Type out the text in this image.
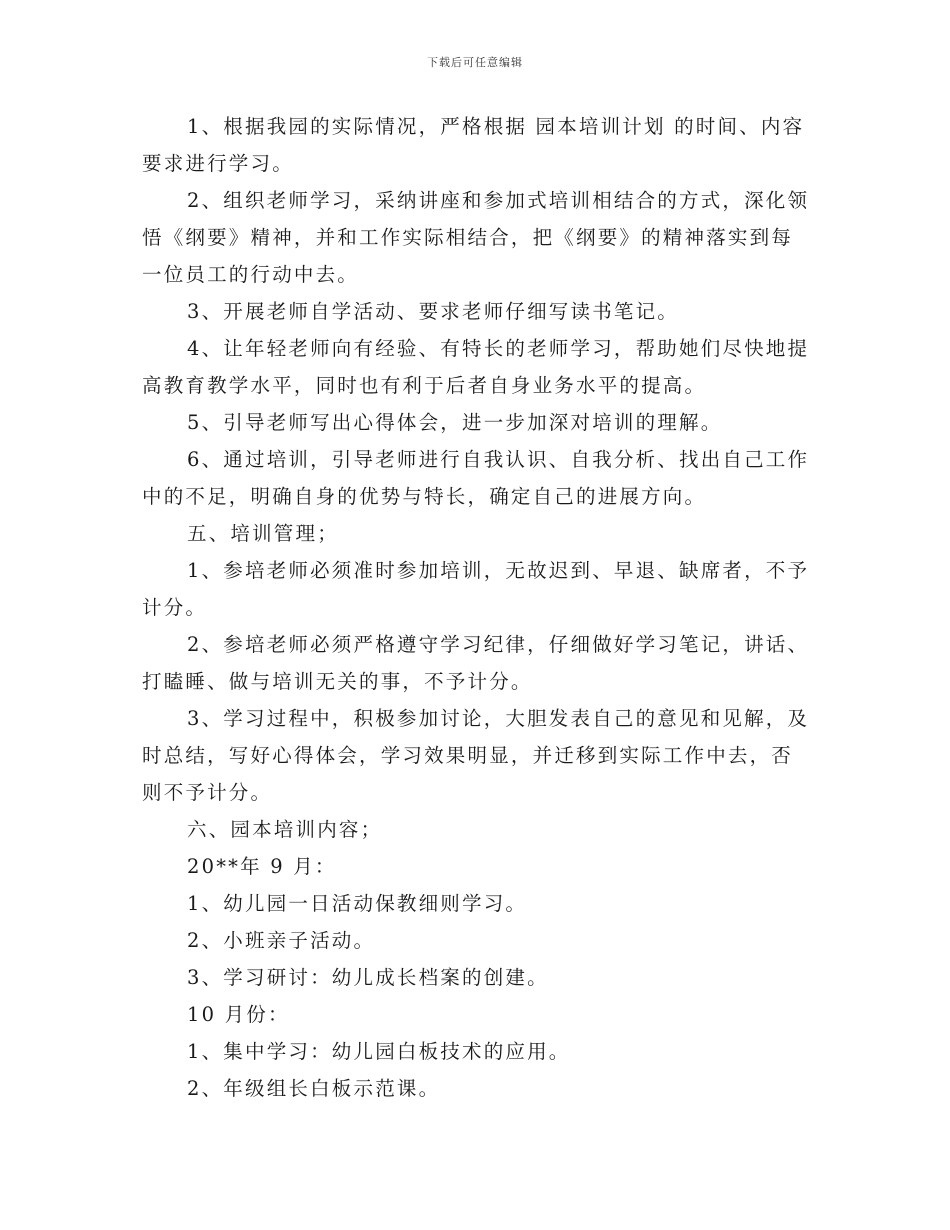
下载后可任意编辑

1、根据我园的实际情况，严格根据 园本培训计划 的时间、内容要求进行学习。

2、组织老师学习，采纳讲座和参加式培训相结合的方式，深化领悟《纲要》精神，并和工作实际相结合，把《纲要》的精神落实到每一位员工的行动中去。

3、开展老师自学活动、要求老师仔细写读书笔记。

4、让年轻老师向有经验、有特长的老师学习，帮助她们尽快地提高教育教学水平，同时也有利于后者自身业务水平的提高。

5、引导老师写出心得体会，进一步加深对培训的理解。

6、通过培训，引导老师进行自我认识、自我分析、找出自己工作中的不足，明确自身的优势与特长，确定自己的进展方向。

五、培训管理；

1、参培老师必须准时参加培训，无故迟到、早退、缺席者，不予计分。

2、参培老师必须严格遵守学习纪律，仔细做好学习笔记，讲话、打瞌睡、做与培训无关的事，不予计分。

3、学习过程中，积极参加讨论，大胆发表自己的意见和见解，及时总结，写好心得体会，学习效果明显，并迁移到实际工作中去，否则不予计分。

六、园本培训内容；

20**年 9 月：

1、幼儿园一日活动保教细则学习。

2、小班亲子活动。

3、学习研讨：幼儿成长档案的创建。

10 月份：

1、集中学习：幼儿园白板技术的应用。

2、年级组长白板示范课。
